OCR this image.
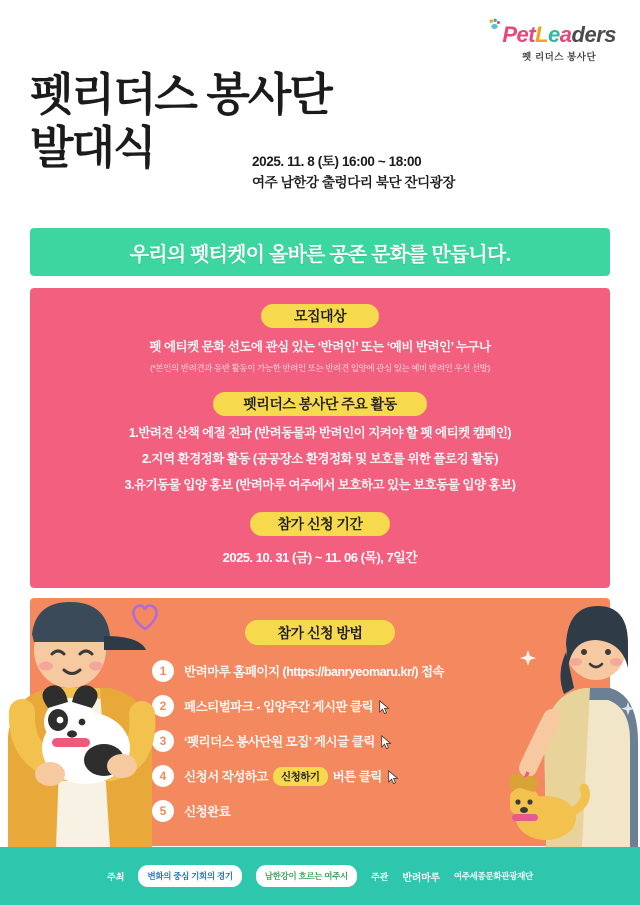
PetLeaders
펫 리더스 봉사단
펫리더스 봉사단
발대식	2025. 11. 8 (토) 16:00 ~ 18:00
여주 남한강 출렁다리 북단 잔디광장
우리의 펫티켓이 올바른 공존 문화를 만듭니다.
모집대상
펫 에티켓 문화 선도에 관심 있는 ‘반려인’ 또는 ‘예비 반려인’ 누구나
(*본인의 반려견과 동반 활동이 가능한 반려인 또는 반려견 입양에 관심 있는 예비 반려인 우선 선발)
펫리더스 봉사단 주요 활동
1.반려견 산책 에절 전파 (반려동물과 반려인이 지켜야 할 펫 에티켓 캠페인)
2.지역 환경정화 활동 (공공장소 환경정화 및 보호를 위한 플로깅 활동)
3.유기동물 입양 홍보 (반려마루 여주에서 보호하고 있는 보호동물 입양 홍보)
참가 신청 기간
2025. 10. 31 (금) ~ 11. 06 (목), 7일간
참가 신청 방법
1	반려마루 홈페이지 (https://banryeomaru.kr/) 접속
2	페스티벌파크 - 입양주간 게시판 클릭
3	‘펫리더스 봉사단원 모집’ 게시글 클릭
4	신청서 작성하고	신청하기	버튼 클릭
5	신청완료
주최	변화의 중심 기회의 경기	남한강이 흐르는 여주시	주관 반려마루 여주세종문화관광재단
